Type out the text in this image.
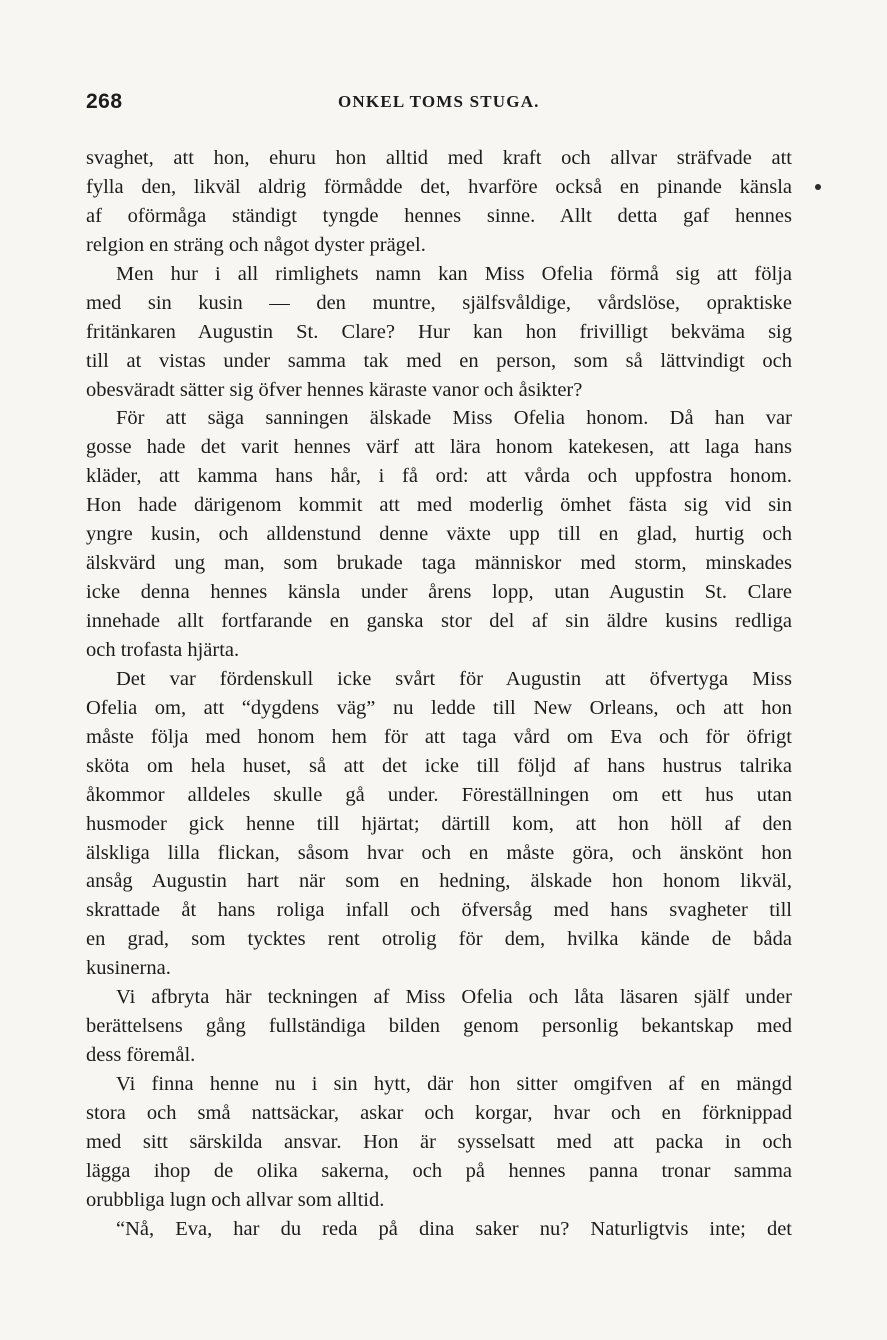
268	ONKEL TOMS STUGA.
svaghet, att hon, ehuru hon alltid med kraft och allvar sträfvade att
fylla den, likväl aldrig förmådde det, hvarföre också en pinande känsla
af oförmåga ständigt tyngde hennes sinne. Allt detta gaf hennes
relgion en sträng och något dyster prägel.
Men hur i all rimlighets namn kan Miss Ofelia förmå sig att följa
med sin kusin — den muntre, själfsvåldige, vårdslöse, opraktiske
fritänkaren Augustin St. Clare? Hur kan hon frivilligt bekväma sig
till at vistas under samma tak med en person, som så lättvindigt och
obesväradt sätter sig öfver hennes käraste vanor och åsikter?
För att säga sanningen älskade Miss Ofelia honom. Då han var
gosse hade det varit hennes värf att lära honom katekesen, att laga hans
kläder, att kamma hans hår, i få ord: att vårda och uppfostra honom.
Hon hade därigenom kommit att med moderlig ömhet fästa sig vid sin
yngre kusin, och alldenstund denne växte upp till en glad, hurtig och
älskvärd ung man, som brukade taga människor med storm, minskades
icke denna hennes känsla under årens lopp, utan Augustin St. Clare
innehade allt fortfarande en ganska stor del af sin äldre kusins redliga
och trofasta hjärta.
Det var fördenskull icke svårt för Augustin att öfvertyga Miss
Ofelia om, att “dygdens väg” nu ledde till New Orleans, och att hon
måste följa med honom hem för att taga vård om Eva och för öfrigt
sköta om hela huset, så att det icke till följd af hans hustrus talrika
åkommor alldeles skulle gå under. Föreställningen om ett hus utan
husmoder gick henne till hjärtat; därtill kom, att hon höll af den
älskliga lilla flickan, såsom hvar och en måste göra, och änskönt hon
ansåg Augustin hart när som en hedning, älskade hon honom likväl,
skrattade åt hans roliga infall och öfversåg med hans svagheter till
en grad, som tycktes rent otrolig för dem, hvilka kände de båda
kusinerna.
Vi afbryta här teckningen af Miss Ofelia och låta läsaren själf under
berättelsens gång fullständiga bilden genom personlig bekantskap med
dess föremål.
Vi finna henne nu i sin hytt, där hon sitter omgifven af en mängd
stora och små nattsäckar, askar och korgar, hvar och en förknippad
med sitt särskilda ansvar. Hon är sysselsatt med att packa in och
lägga ihop de olika sakerna, och på hennes panna tronar samma
orubbliga lugn och allvar som alltid.
“Nå, Eva, har du reda på dina saker nu? Naturligtvis inte; det
